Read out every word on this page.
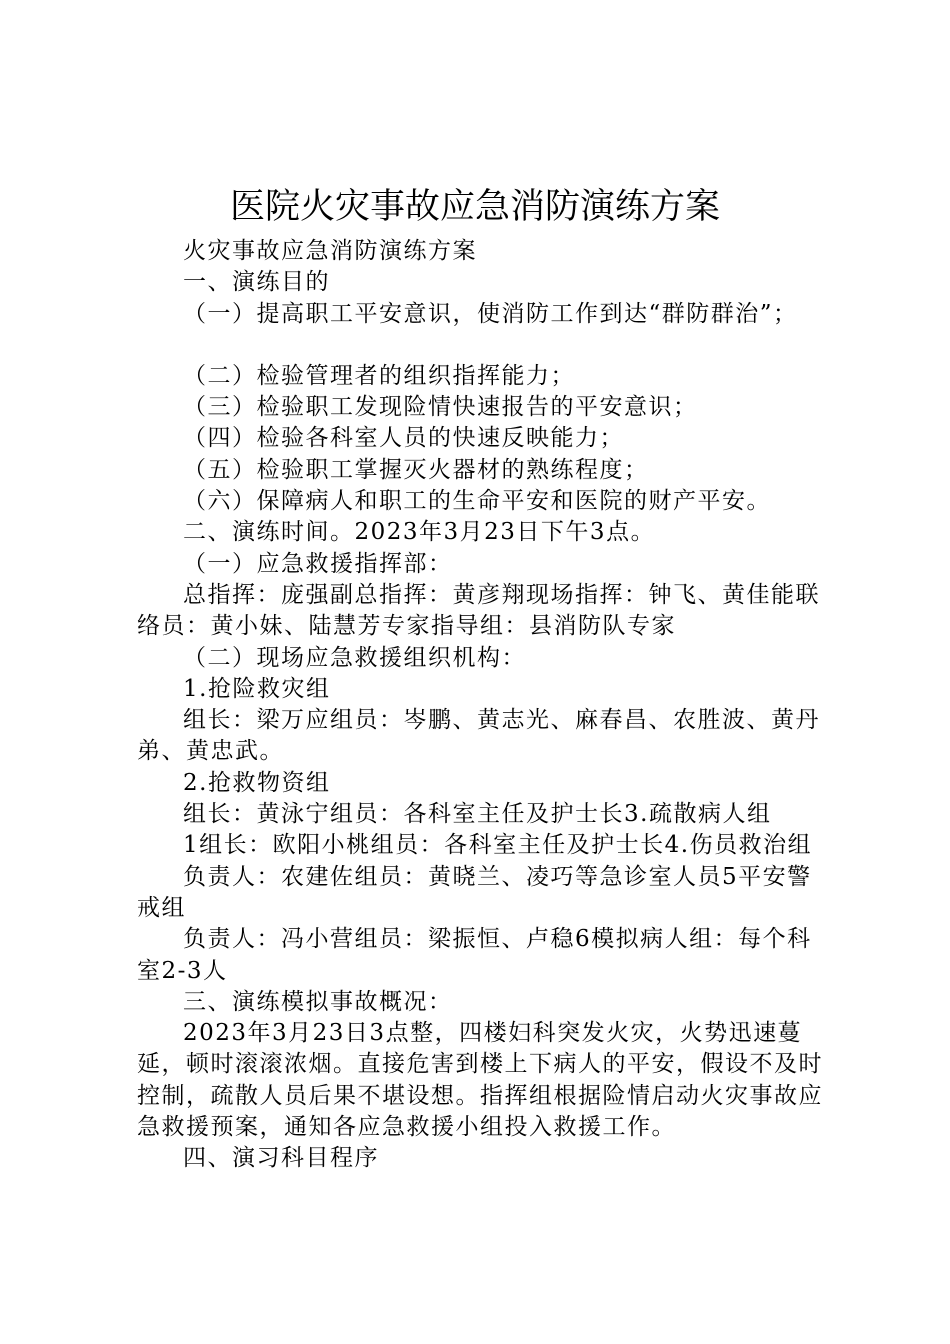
医院火灾事故应急消防演练方案

火灾事故应急消防演练方案

一、演练目的

（一）提高职工平安意识，使消防工作到达“群防群治”；

（二）检验管理者的组织指挥能力；

（三）检验职工发现险情快速报告的平安意识；

（四）检验各科室人员的快速反映能力；

（五）检验职工掌握灭火器材的熟练程度；

（六）保障病人和职工的生命平安和医院的财产平安。

二、演练时间。2023年3月23日下午3点。

（一）应急救援指挥部：

总指挥：庞强副总指挥：黄彦翔现场指挥：钟飞、黄佳能联络员：黄小妹、陆慧芳专家指导组：县消防队专家

（二）现场应急救援组织机构：

1.抢险救灾组

组长：梁万应组员：岑鹏、黄志光、麻春昌、农胜波、黄丹弟、黄忠武。

2.抢救物资组

组长：黄泳宁组员：各科室主任及护士长3.疏散病人组

1组长：欧阳小桃组员：各科室主任及护士长4.伤员救治组

负责人：农建佐组员：黄晓兰、凌巧等急诊室人员5平安警戒组

负责人：冯小营组员：梁振恒、卢稳6模拟病人组：每个科室2-3人

三、演练模拟事故概况：

2023年3月23日3点整，四楼妇科突发火灾，火势迅速蔓延，顿时滚滚浓烟。直接危害到楼上下病人的平安，假设不及时控制，疏散人员后果不堪设想。指挥组根据险情启动火灾事故应急救援预案，通知各应急救援小组投入救援工作。

四、演习科目程序
